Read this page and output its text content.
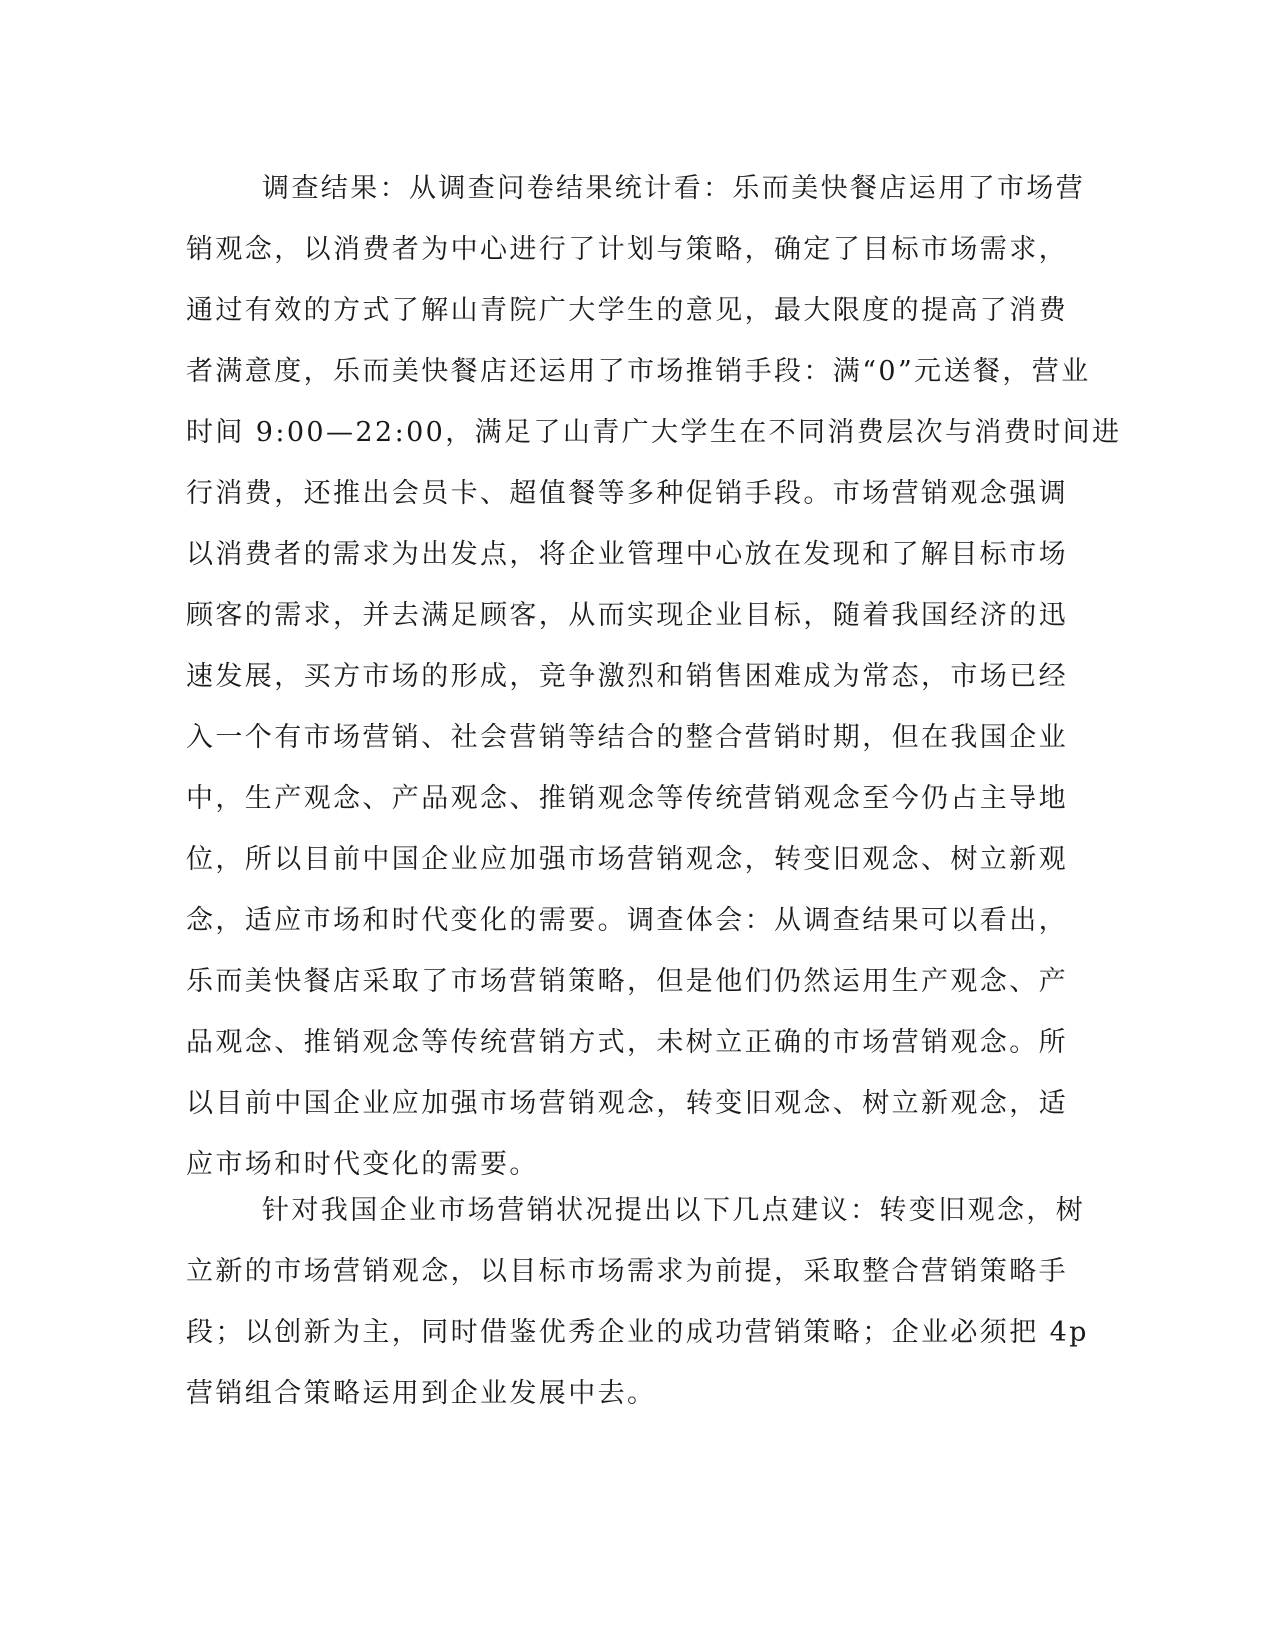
调查结果：从调查问卷结果统计看：乐而美快餐店运用了市场营
销观念，以消费者为中心进行了计划与策略，确定了目标市场需求，
通过有效的方式了解山青院广大学生的意见，最大限度的提高了消费
者满意度，乐而美快餐店还运用了市场推销手段：满“0”元送餐，营业
时间 9:00—22:00，满足了山青广大学生在不同消费层次与消费时间进
行消费，还推出会员卡、超值餐等多种促销手段。市场营销观念强调
以消费者的需求为出发点，将企业管理中心放在发现和了解目标市场
顾客的需求，并去满足顾客，从而实现企业目标，随着我国经济的迅
速发展，买方市场的形成，竞争激烈和销售困难成为常态，市场已经
入一个有市场营销、社会营销等结合的整合营销时期，但在我国企业
中，生产观念、产品观念、推销观念等传统营销观念至今仍占主导地
位，所以目前中国企业应加强市场营销观念，转变旧观念、树立新观
念，适应市场和时代变化的需要。调查体会：从调查结果可以看出，
乐而美快餐店采取了市场营销策略，但是他们仍然运用生产观念、产
品观念、推销观念等传统营销方式，未树立正确的市场营销观念。所
以目前中国企业应加强市场营销观念，转变旧观念、树立新观念，适
应市场和时代变化的需要。
针对我国企业市场营销状况提出以下几点建议：转变旧观念，树
立新的市场营销观念，以目标市场需求为前提，采取整合营销策略手
段；以创新为主，同时借鉴优秀企业的成功营销策略；企业必须把 4p
营销组合策略运用到企业发展中去。
